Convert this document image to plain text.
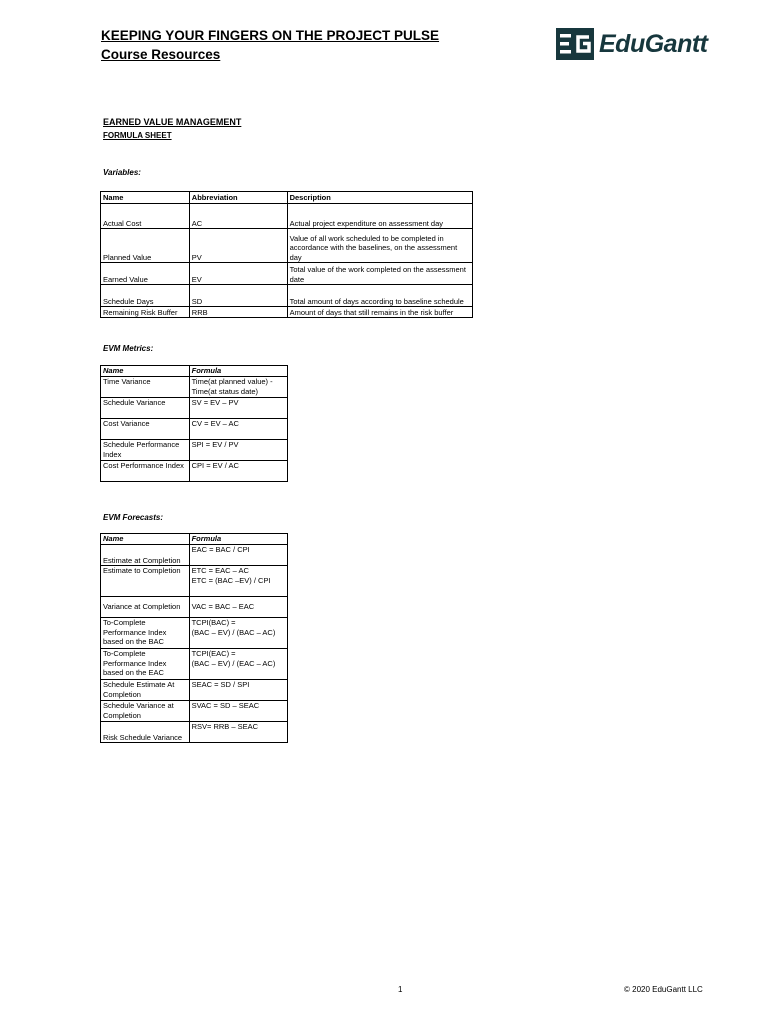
KEEPING YOUR FINGERS ON THE PROJECT PULSE
Course Resources	EduGantt
EARNED VALUE MANAGEMENT
FORMULA SHEET
Variables:
Name	Abbreviation	Description
Actual Cost	AC	Actual project expenditure on assessment day
Planned Value	PV	Value of all work scheduled to be completed in accordance with the baselines, on the assessment day
Earned Value	EV	Total value of the work completed on the assessment date
Schedule Days	SD	Total amount of days according to baseline schedule
Remaining Risk Buffer	RRB	Amount of days that still remains in the risk buffer
EVM Metrics:
Name	Formula
Time Variance	Time(at planned value) - Time(at status date)
Schedule Variance	SV = EV – PV
Cost Variance	CV = EV – AC
Schedule Performance Index	SPI = EV / PV
Cost Performance Index	CPI = EV / AC
EVM Forecasts:
Name	Formula
Estimate at Completion	EAC = BAC / CPI
Estimate to Completion	ETC = EAC – AC
ETC = (BAC –EV) / CPI

Variance at Completion	VAC = BAC – EAC
To-Complete Performance Index based on the BAC	TCPI(BAC) =
(BAC – EV) / (BAC – AC)

To-Complete Performance Index based on the EAC	TCPI(EAC) =
(BAC – EV) / (EAC – AC)

Schedule Estimate At Completion	SEAC = SD / SPI
Schedule Variance at Completion	SVAC = SD – SEAC
Risk Schedule Variance	RSV= RRB – SEAC
1	© 2020 EduGantt LLC
